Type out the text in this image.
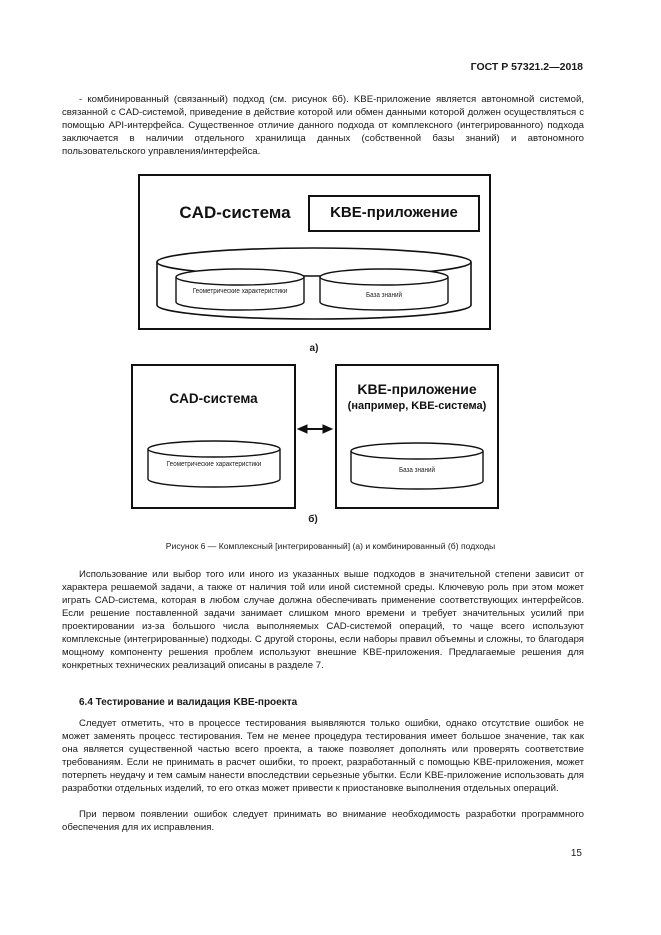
ГОСТ Р 57321.2—2018

- комбинированный (связанный) подход (см. рисунок 6б). KBE-приложение является автономной системой, связанной с CAD-системой, приведение в действие которой или обмен данными которой должен осуществляться с помощью API-интерфейса. Существенное отличие данного подхода от комплексного (интегрированного) подхода заключается в наличии отдельного хранилища данных (собственной базы знаний) и автономного пользовательского управления/интерфейса.

CAD-система	KBE-приложение
Геометрические характеристики
База знаний
а)
CAD-система
KBE-приложение
(например, KBE-система)
Геометрические характеристики
База знаний
б)
Рисунок 6 — Комплексный [интегрированный] (а) и комбинированный (б) подходы

Использование или выбор того или иного из указанных выше подходов в значительной степени зависит от характера решаемой задачи, а также от наличия той или иной системной среды. Ключевую роль при этом может играть CAD-система, которая в любом случае должна обеспечивать применение соответствующих интерфейсов. Если решение поставленной задачи занимает слишком много времени и требует значительных усилий при проектировании из-за большого числа выполняемых CAD-системой операций, то чаще всего используют комплексные (интегрированные) подходы. С другой стороны, если наборы правил объемны и сложны, то благодаря мощному компоненту решения проблем используют внешние KBE-приложения. Предлагаемые решения для конкретных технических реализаций описаны в разделе 7.

6.4 Тестирование и валидация KBE-проекта

Следует отметить, что в процессе тестирования выявляются только ошибки, однако отсутствие ошибок не может заменять процесс тестирования. Тем не менее процедура тестирования имеет большое значение, так как она является существенной частью всего проекта, а также позволяет дополнять или проверять соответствие требованиям. Если не принимать в расчет ошибки, то проект, разработанный с помощью KBE-приложения, может потерпеть неудачу и тем самым нанести впоследствии серьезные убытки. Если KBE-приложение использовать для разработки отдельных изделий, то его отказ может привести к приостановке выполнения отдельных операций.

При первом появлении ошибок следует принимать во внимание необходимость разработки программного обеспечения для их исправления.

15
